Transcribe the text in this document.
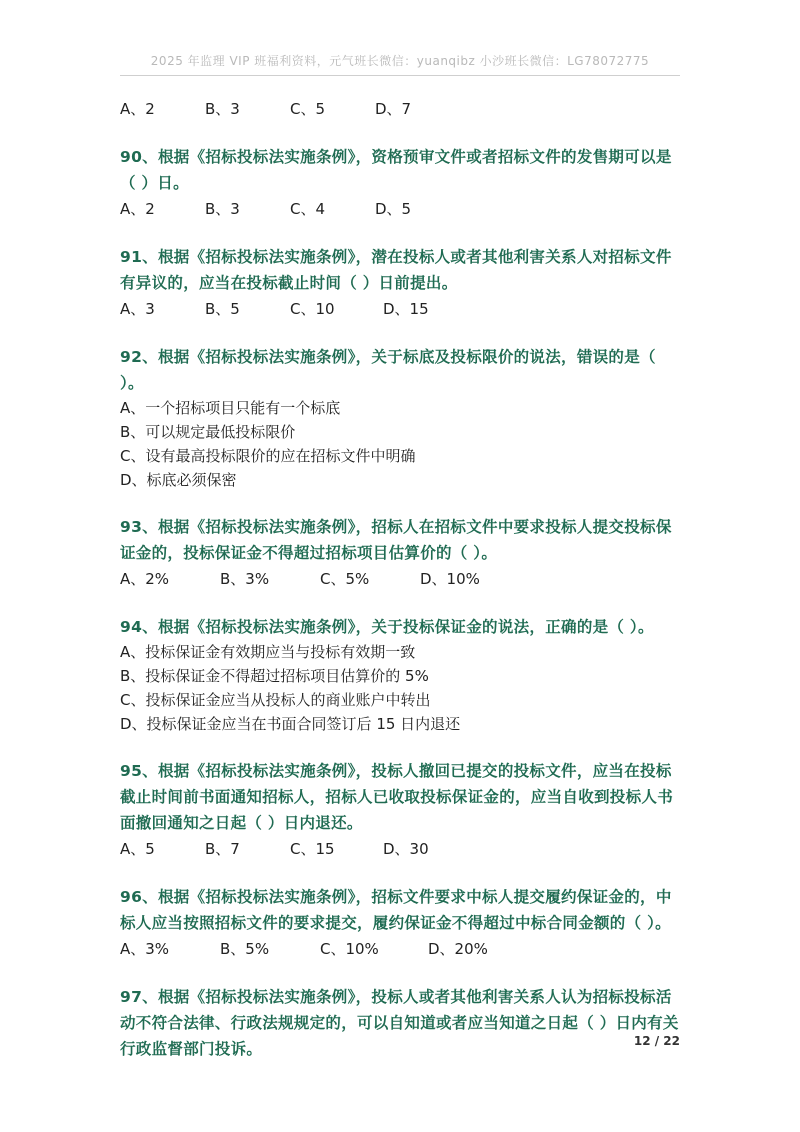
2025 年监理 VIP 班福利资料，元气班长微信：yuanqibz 小沙班长微信：LG78072775
A、2	B、3	C、5	D、7
90、根据《招标投标法实施条例》，资格预审文件或者招标文件的发售期可以是（ ）日。
A、2	B、3	C、4	D、5
91、根据《招标投标法实施条例》，潜在投标人或者其他利害关系人对招标文件有异议的，应当在投标截止时间（ ）日前提出。
A、3	B、5	C、10	D、15
92、根据《招标投标法实施条例》，关于标底及投标限价的说法，错误的是（ ）。
A、一个招标项目只能有一个标底
B、可以规定最低投标限价
C、设有最高投标限价的应在招标文件中明确
D、标底必须保密
93、根据《招标投标法实施条例》，招标人在招标文件中要求投标人提交投标保证金的，投标保证金不得超过招标项目估算价的（ ）。
A、2%	B、3%	C、5%	D、10%
94、根据《招标投标法实施条例》，关于投标保证金的说法，正确的是（ ）。
A、投标保证金有效期应当与投标有效期一致
B、投标保证金不得超过招标项目估算价的 5%
C、投标保证金应当从投标人的商业账户中转出
D、投标保证金应当在书面合同签订后 15 日内退还
95、根据《招标投标法实施条例》，投标人撤回已提交的投标文件，应当在投标截止时间前书面通知招标人，招标人已收取投标保证金的，应当自收到投标人书面撤回通知之日起（ ）日内退还。
A、5	B、7	C、15	D、30
96、根据《招标投标法实施条例》，招标文件要求中标人提交履约保证金的，中标人应当按照招标文件的要求提交，履约保证金不得超过中标合同金额的（ ）。
A、3%	B、5%	C、10%	D、20%
97、根据《招标投标法实施条例》，投标人或者其他利害关系人认为招标投标活动不符合法律、行政法规规定的，可以自知道或者应当知道之日起（ ）日内有关行政监督部门投诉。	12 / 22
